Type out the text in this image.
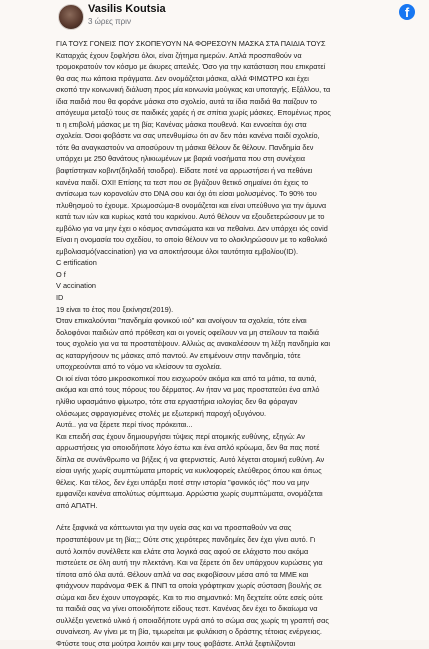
Vasilis Koutsia
3 ώρες πριν
f

ΓΙΑ ΤΟΥΣ ΓΟΝΕΙΣ ΠΟΥ ΣΚΟΠΕΥΟΥΝ ΝΑ ΦΟΡΕΣΟΥΝ ΜΑΣΚΑ ΣΤΑ ΠΑΙΔΙΑ ΤΟΥΣ

Καταρχάς έχουν ξοφλήσει όλοι, είναι ζήτημα ημερών. Απλά προσπαθούν να

τρομοκρατούν τον κόσμο με άκυρες απειλές. Όσο για την κατάσταση που επικρατεί

θα σας πω κάποια πράγματα. Δεν ονομάζεται μάσκα, αλλά ΦΙΜΩΤΡΟ και έχει

σκοπό την κοινωνική διάλυση προς μία κοινωνία μούγκας και υποταγής. Εξάλλου, τα

ίδια παιδιά που θα φοράνε μάσκα στο σχολείο, αυτά τα ίδια παιδιά θα παίζουν το

απόγευμα μεταξύ τους σε παιδικές χαρές ή σε σπίτια χωρίς μάσκες. Επομένως προς

τι η επιβολή μάσκας με τη βία; Κανένας μάσκα πουθενά. Και εννοείται όχι στα

σχολεία. Όσοι φοβάστε να σας υπενθυμίσω ότι αν δεν πάει κανένα παιδί σχολείο,

τότε θα αναγκαστούν να αποσύρουν τη μάσκα θέλουν δε θέλουν. Πανδημία δεν

υπάρχει με 250 θανάτους ηλικιωμένων με βαριά νοσήματα που στη συνέχεια

βαφτίστηκαν κοβιντ(δηλαδή τσιοδρα). Είδατε ποτέ να αρρωστήσει ή να πεθάνει

κανένα παιδί. ΟΧΙ! Επίσης τα τεστ που σε βγάζουν θετικό σημαίνει ότι έχεις το

αντίσωμα των κορονοϊών στο DNA σου και όχι ότι είσαι μολυσμένος. Το 90% του

πλυθησμού το έχουμε. Χρωμοσώμα-8 ονομάζεται και είναι υπεύθυνο για την άμυνα

κατά των ιών και κυρίως κατά του καρκίνου. Αυτό θέλουν να εξουδετερώσουν με το

εμβόλιο για να μην έχει ο κόσμος αντισώματα και να πεθαίνει. Δεν υπάρχει ιός covid

Είναι η ονομασία του σχεδίου, το οποίο θέλουν να το ολοκληρώσουν με το καθολικό

εμβολιασμό(vaccination) για να αποκτήσουμε όλοι ταυτότητα εμβολίου(ID).

C ertification

O f

V accination

ID

19 είναι το έτος που ξεκίνησε(2019).

Όταν επικαλούνται "πανδημία φονικού ιού" και ανοίγουν τα σχολεία, τότε είναι

δολοφόνοι παιδιών από πρόθεση και οι γονείς οφείλουν να μη στείλουν τα παιδιά

τους σχολείο για να τα προστατέψουν. Αλλιώς ας ανακαλέσουν τη λέξη πανδημία και

ας καταργήσουν τις μάσκες από παντού. Αν επιμένουν στην πανδημία, τότε

υποχρεούνται από το νόμο να κλείσουν τα σχολεία.

Οι ιοί είναι τόσο μικροσκοπικοί που εισχωρούν ακόμα και από τα μάτια, τα αυτιά,

ακόμα και από τους πόρους του δέρματος. Αν ήταν να μας προστατεύει ένα απλό

ηλίθιο υφασμάτινο φίμωτρο, τότε στα εργαστήρια ιολογίας δεν θα φόραγαν

ολόσωμες σφραγισμένες στολές με εξωτερική παροχή οξυγόνου.

Αυτά.. για να ξέρετε περί τίνος πρόκειται...

Και επειδή σας έχουν δημιουργήσει τύψεις περί ατομικής ευθύνης, εξηγώ: Αν

αρρωστήσεις για οποιοδήποτε λόγο έστω και ένα απλό κρύωμα, δεν θα πας ποτέ

δίπλα σε συνάνθρωπο να βήξεις ή να φτερνιστείς. Αυτό λέγεται ατομική ευθύνη. Αν

είσαι υγιής χωρίς συμπτώματα μπορείς να κυκλοφορείς ελεύθερος όπου και όπως

θέλεις. Και τέλος, δεν έχει υπάρξει ποτέ στην ιστορία "φονικός ιός" που να μην

εμφανίζει κανένα απολύτως σύμπτωμα. Αρρώστια χωρίς συμπτώματα, ονομάζεται

από ΑΠΑΤΗ.

Λέτε ξαφνικά να κόπτωνται για την υγεία σας και να προσπαθούν να σας

προστατέψουν με τη βία;;; Ούτε στις χειρότερες πανδημίες δεν έχει γίνει αυτό. Γι

αυτό λοιπόν συνέλθετε και ελάτε στα λογικά σας αφού σε ελάχιστο που ακόμα

πιστεύετε σε όλη αυτή την πλεκτάνη. Και να ξέρετε ότι δεν υπάρχουν κυρώσεις για

τίποτα από όλα αυτά. Θέλουν απλά να σας εκφοβίσουν μέσα από τα ΜΜΕ και

φτιάχνουν παράνομα ΦΕΚ & ΠΝΠ τα οποία γράφτηκαν χωρίς σύσταση βουλής σε

σώμα και δεν έχουν υπογραφές. Και το πιο σημαντικό: Μη δεχτείτε ούτε εσείς ούτε

τα παιδιά σας να γίνει οποιοδήποτε είδους τεστ. Κανένας δεν έχει το δικαίωμα να

συλλέξει γενετικό υλικό ή οποιαδήποτε υγρά από το σώμα σας χωρίς τη γραπτή σας

συναίνεση. Αν γίνει με τη βία, τιμωρείται με φυλάκιση ο δράστης τέτοιας ενέργειας.

Φτύστε τους στα μούτρα λοιπόν και μην τους φοβάστε. Απλά ξεφτιλίζονται
